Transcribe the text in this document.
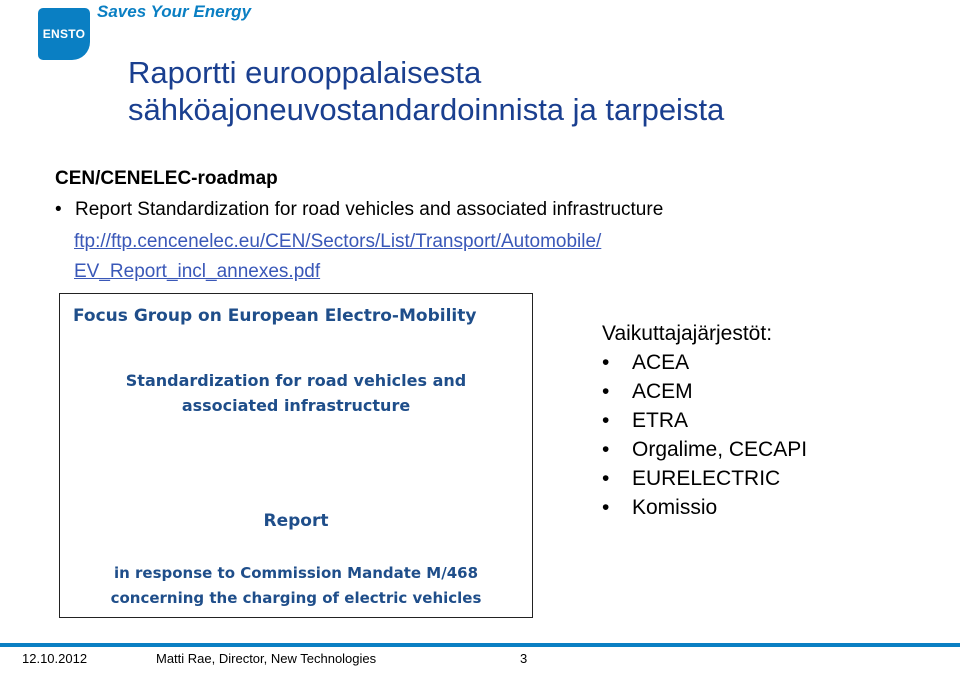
ENSTO
Saves Your Energy
Raportti eurooppalaisesta
sähköajoneuvostandardoinnista ja tarpeista
CEN/CENELEC-roadmap
• Report Standardization for road vehicles and associated infrastructure
ftp://ftp.cencenelec.eu/CEN/Sectors/List/Transport/Automobile/
EV_Report_incl_annexes.pdf
Focus Group on European Electro-Mobility
Standardization for road vehicles and
associated infrastructure
Report
in response to Commission Mandate M/468
concerning the charging of electric vehicles
Vaikuttajajärjestöt:
• ACEA
• ACEM
• ETRA
• Orgalime, CECAPI
• EURELECTRIC
• Komissio
12.10.2012	Matti Rae, Director, New Technologies	3
